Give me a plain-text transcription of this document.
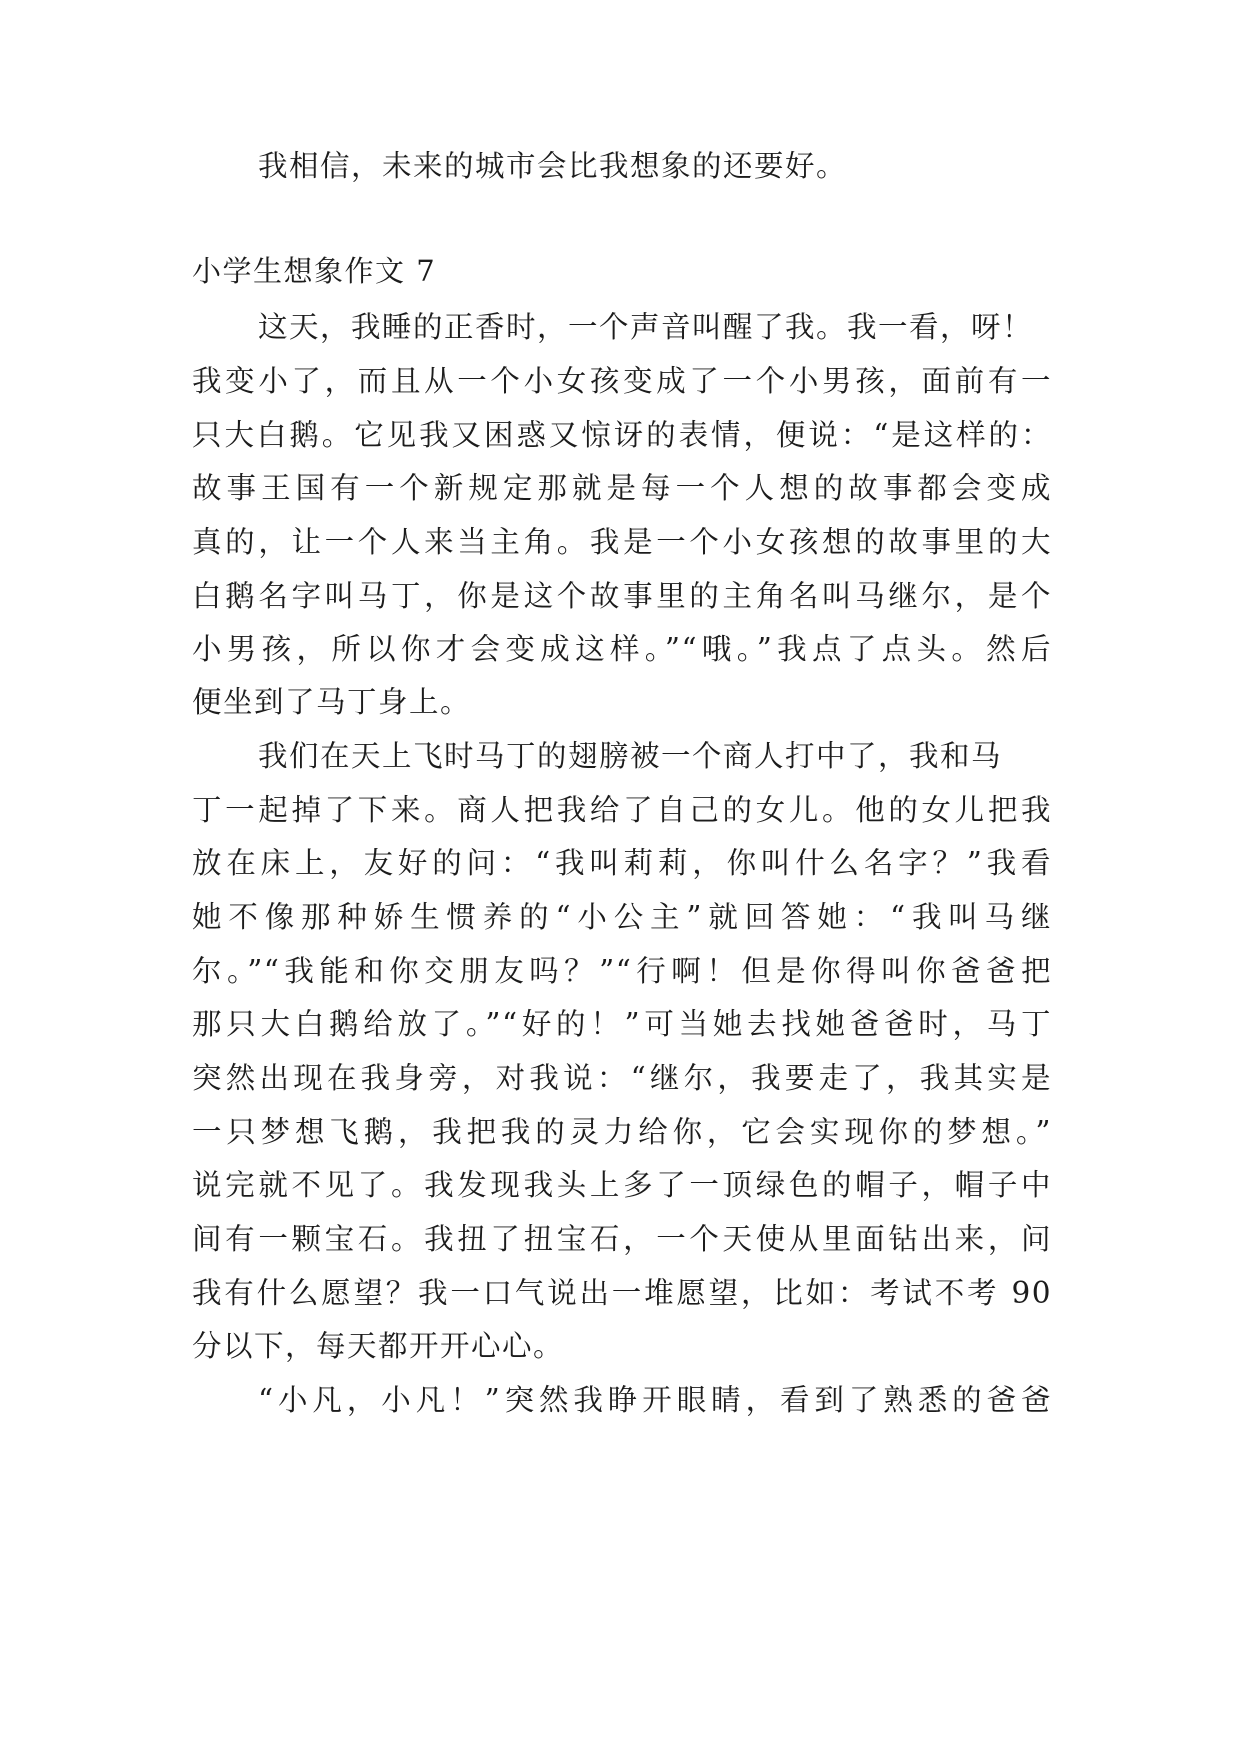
我相信，未来的城市会比我想象的还要好。
小学生想象作文 7
这天，我睡的正香时，一个声音叫醒了我。我一看，呀！
我变小了，而且从一个小女孩变成了一个小男孩，面前有一
只大白鹅。它见我又困惑又惊讶的表情，便说：“是这样的：
故事王国有一个新规定那就是每一个人想的故事都会变成
真的，让一个人来当主角。我是一个小女孩想的故事里的大
白鹅名字叫马丁，你是这个故事里的主角名叫马继尔，是个
小男孩，所以你才会变成这样。”“哦。”我点了点头。然后
便坐到了马丁身上。
我们在天上飞时马丁的翅膀被一个商人打中了，我和马
丁一起掉了下来。商人把我给了自己的女儿。他的女儿把我
放在床上，友好的问：“我叫莉莉，你叫什么名字？”我看
她不像那种娇生惯养的“小公主”就回答她：“我叫马继
尔。”“我能和你交朋友吗？”“行啊！但是你得叫你爸爸把
那只大白鹅给放了。”“好的！”可当她去找她爸爸时，马丁
突然出现在我身旁，对我说：“继尔，我要走了，我其实是
一只梦想飞鹅，我把我的灵力给你，它会实现你的梦想。”
说完就不见了。我发现我头上多了一顶绿色的帽子，帽子中
间有一颗宝石。我扭了扭宝石，一个天使从里面钻出来，问
我有什么愿望？我一口气说出一堆愿望，比如：考试不考 90
分以下，每天都开开心心。
“小凡，小凡！”突然我睁开眼睛，看到了熟悉的爸爸
